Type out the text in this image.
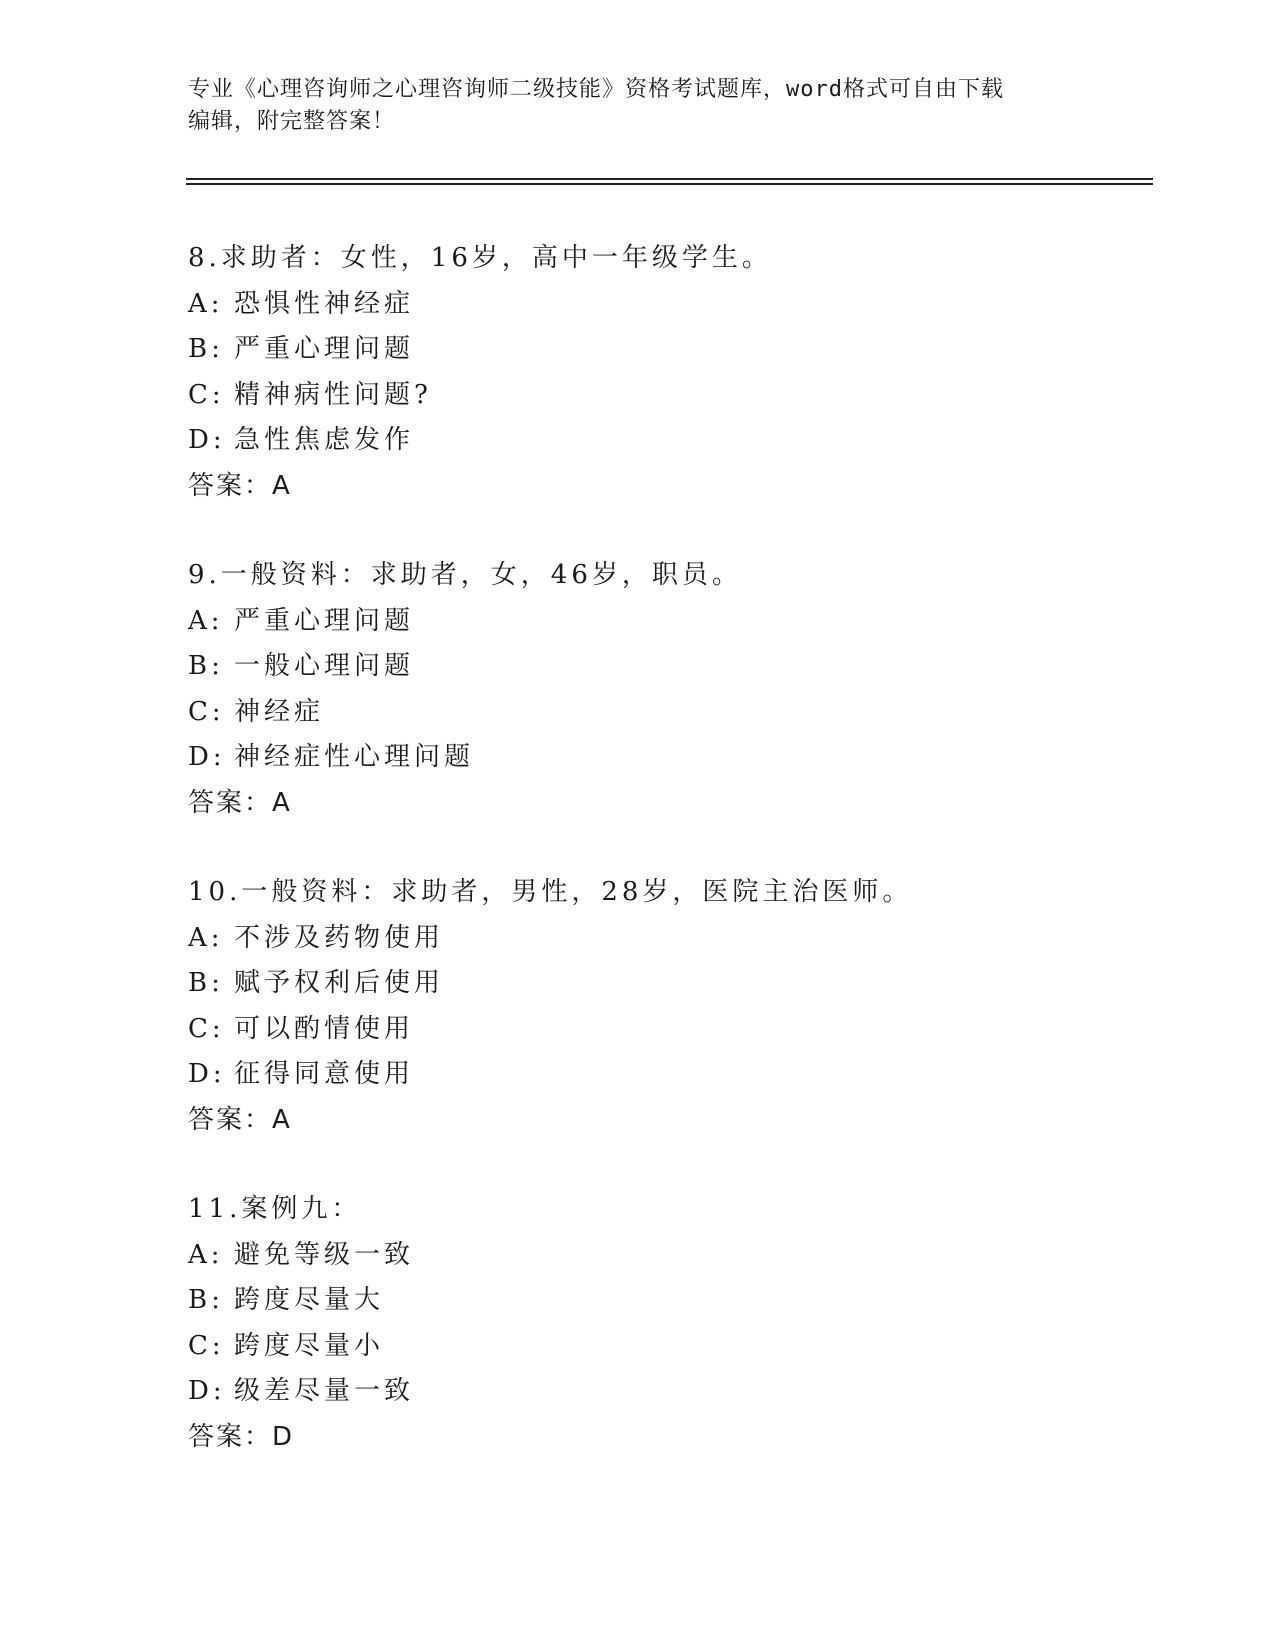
专业《心理咨询师之心理咨询师二级技能》资格考试题库，word格式可自由下载
编辑，附完整答案！
8.求助者：女性，16岁，高中一年级学生。
A: 恐惧性神经症
B: 严重心理问题
C: 精神病性问题?
D: 急性焦虑发作
答案：A
9.一般资料：求助者，女，46岁，职员。
A: 严重心理问题
B: 一般心理问题
C: 神经症
D: 神经症性心理问题
答案：A
10.一般资料：求助者，男性，28岁，医院主治医师。
A: 不涉及药物使用
B: 赋予权利后使用
C: 可以酌情使用
D: 征得同意使用
答案：A
11.案例九：
A: 避免等级一致
B: 跨度尽量大
C: 跨度尽量小
D: 级差尽量一致
答案：D
